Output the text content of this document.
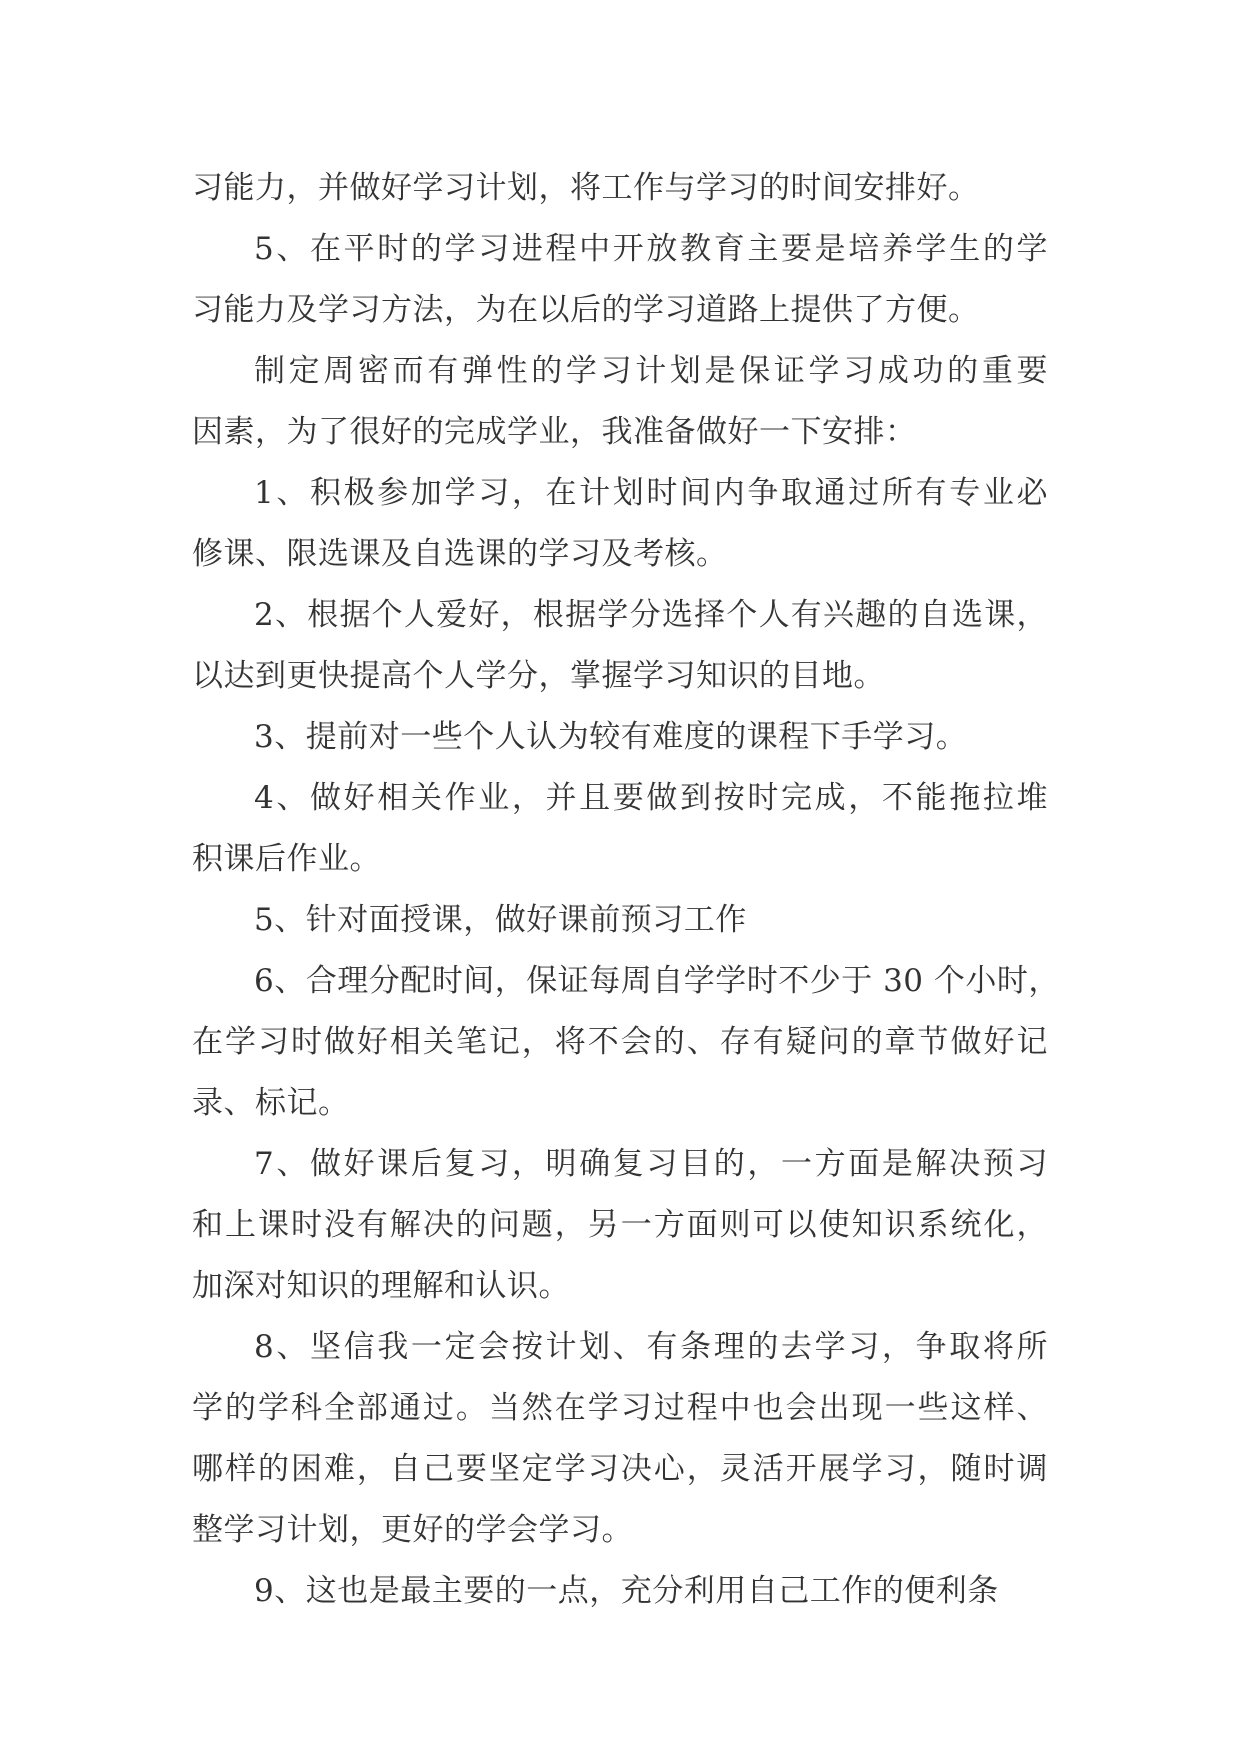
习能力，并做好学习计划，将工作与学习的时间安排好。
5、在平时的学习进程中开放教育主要是培养学生的学
习能力及学习方法，为在以后的学习道路上提供了方便。
制定周密而有弹性的学习计划是保证学习成功的重要
因素，为了很好的完成学业，我准备做好一下安排：
1、积极参加学习，在计划时间内争取通过所有专业必
修课、限选课及自选课的学习及考核。
2、根据个人爱好，根据学分选择个人有兴趣的自选课，
以达到更快提高个人学分，掌握学习知识的目地。
3、提前对一些个人认为较有难度的课程下手学习。
4、做好相关作业，并且要做到按时完成，不能拖拉堆
积课后作业。
5、针对面授课，做好课前预习工作
6、合理分配时间，保证每周自学学时不少于 30 个小时，
在学习时做好相关笔记，将不会的、存有疑问的章节做好记
录、标记。
7、做好课后复习，明确复习目的，一方面是解决预习
和上课时没有解决的问题，另一方面则可以使知识系统化，
加深对知识的理解和认识。
8、坚信我一定会按计划、有条理的去学习，争取将所
学的学科全部通过。当然在学习过程中也会出现一些这样、
哪样的困难，自己要坚定学习决心，灵活开展学习，随时调
整学习计划，更好的学会学习。
9、这也是最主要的一点，充分利用自己工作的便利条
